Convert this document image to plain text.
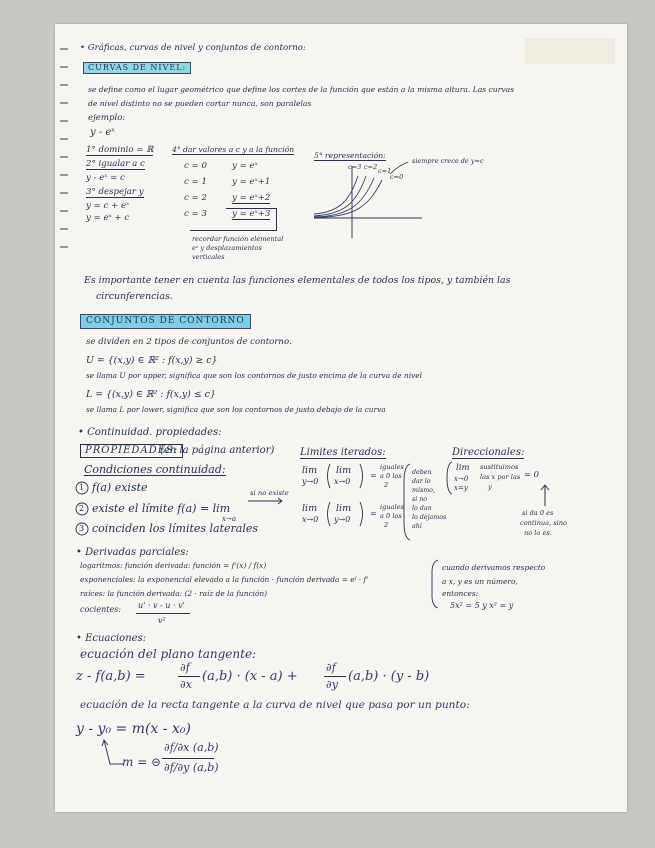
• Gráficas, curvas de nivel y conjuntos de contorno:
CURVAS DE NIVEL:
se define como el lugar geométrico que define los cortes de la función que están a la misma altura. Las curvas
de nivel distinto no se pueden cortar nunca, son paralelas
ejemplo:
y - eˣ
1° dominio = ℝ
2° igualar a c
y - eˣ = c
3° despejar y
y = c + eˣ
y = eˣ + c
4° dar valores a c y a la función
c = 0
c = 1
c = 2
c = 3
y = eˣ
y = eˣ+1
y = eˣ+2
y = eˣ+3
recordar función elemental
eˣ y desplazamientos
verticales
5° representación:
c=3 c=2 c=1
c=0
siempre crece de y=c
Es importante tener en cuenta las funciones elementales de todos los tipos, y también las
circunferencias.
CONJUNTOS DE CONTORNO
se dividen en 2 tipos de conjuntos de contorno.
U = {(x,y) ∈ ℝ² : f(x,y) ≥ c}
se llama U por upper, significa que son los contornos de justo encima de la curva de nivel
L = {(x,y) ∈ ℝ² : f(x,y) ≤ c}
se llama L por lower, significa que son los contornos de justo debajo de la curva
• Continuidad. propiedades:
PROPIEDADES:
(en la página anterior)
Condiciones continuidad:
1
2
3
f(a) existe
existe el límite f(a) = lim
x→a
si no existe
coinciden los límites laterales
Limites iterados:
lim
y→0
lim
x→0
=
iguales
a 0 los
2
lim
x→0
lim
y→0
=
iguales
a 0 los
2
deben
dar lo
mismo,
si no
lo dan
lo dejamos
ahí
Direccionales:
lim
x→0
x=y
sustituimos
las x por las
y
= 0
si da 0 es
continua, sino
no lo es.
• Derivadas parciales:
logaritmos: función derivada: función = f'(x) / f(x)
exponenciales: la exponencial elevado a la función · función derivada = eᶠ · f'
raíces: la función derivada: (2 · raíz de la función)
cocientes: u' · v - u · v'
v²
cuando derivamos respecto
a x, y es un número,
entonces:
5x² = 5 y x² = y
• Ecuaciones:
ecuación del plano tangente:
z - f(a,b) =
∂f
∂x
(a,b) · (x - a) +
∂f
∂y
(a,b) · (y - b)
ecuación de la recta tangente a la curva de nivel que pasa por un punto:
y - y₀ = m(x - x₀)
m = ⊝
∂f/∂x (a,b)
∂f/∂y (a,b)
